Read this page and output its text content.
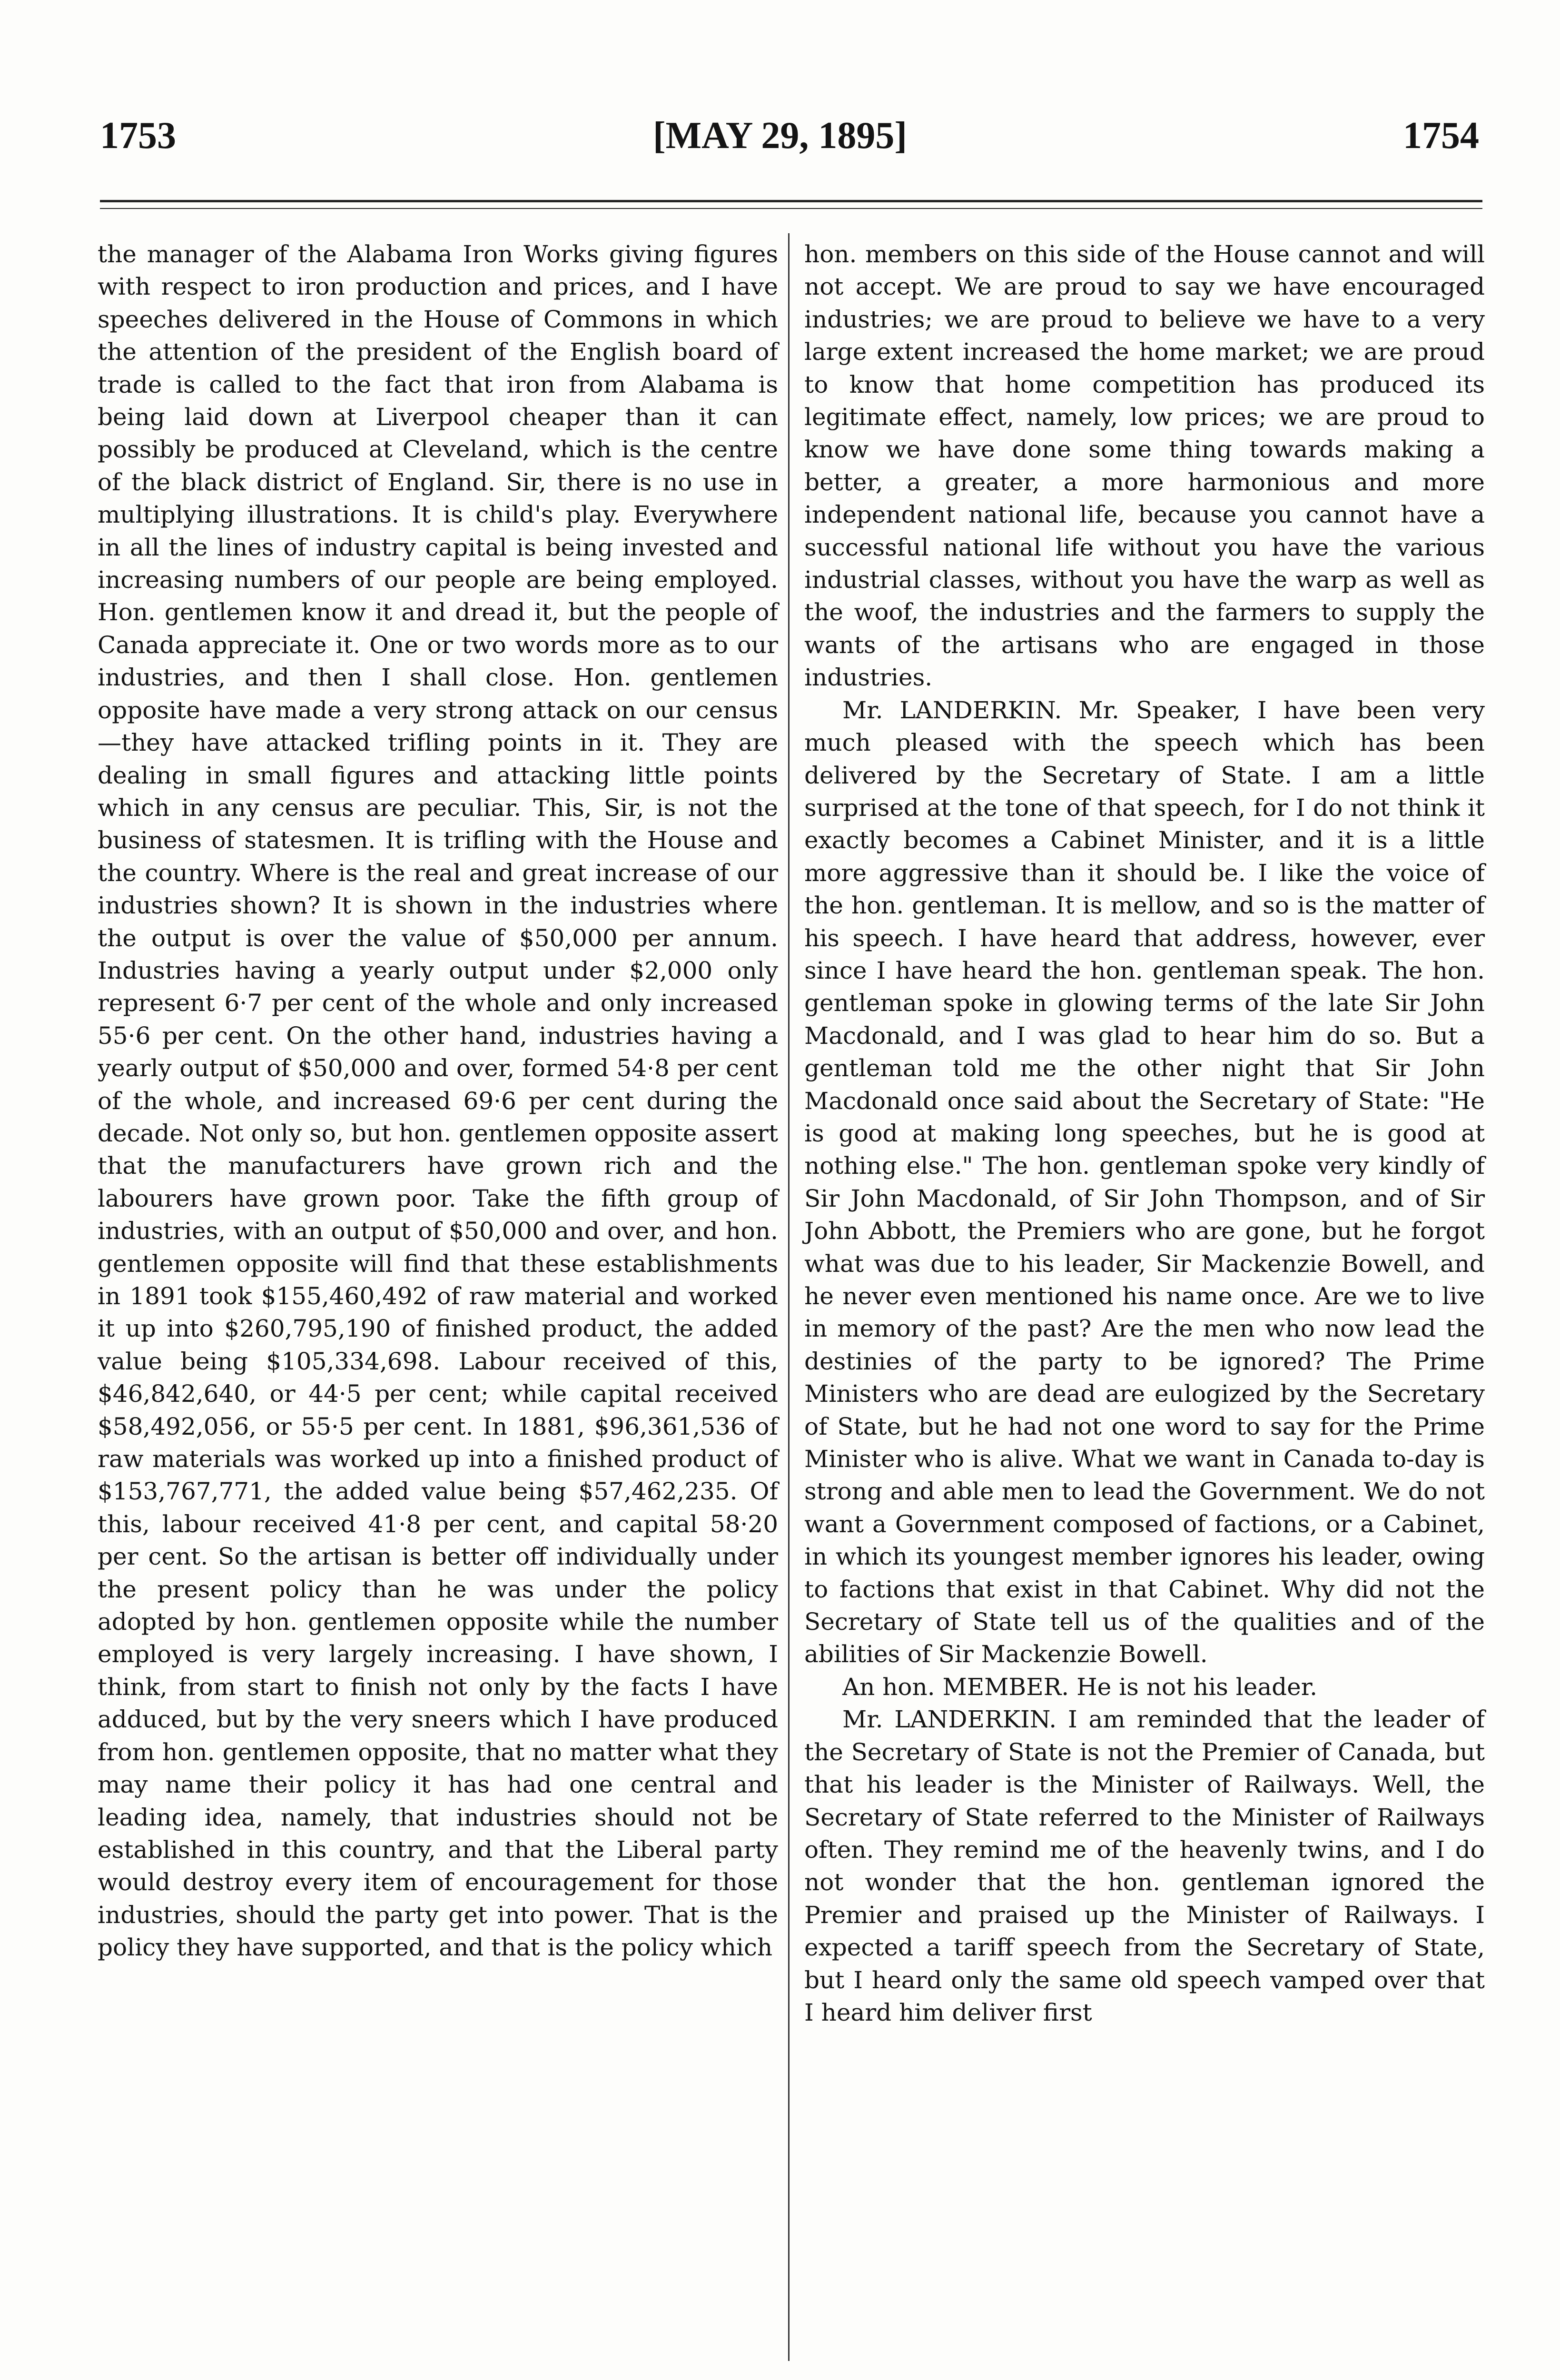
1753	[MAY 29, 1895]	1754

the manager of the Alabama Iron Works giving figures with respect to iron production and prices, and I have speeches delivered in the House of Commons in which the attention of the president of the English board of trade is called to the fact that iron from Alabama is being laid down at Liverpool cheaper than it can possibly be produced at Cleveland, which is the centre of the black district of England. Sir, there is no use in multiplying illustrations. It is child's play. Everywhere in all the lines of industry capital is being invested and increasing numbers of our people are being employed. Hon. gentlemen know it and dread it, but the people of Canada appreciate it. One or two words more as to our industries, and then I shall close. Hon. gentlemen opposite have made a very strong attack on our census—they have attacked trifling points in it. They are dealing in small figures and attacking little points which in any census are peculiar. This, Sir, is not the business of statesmen. It is trifling with the House and the country. Where is the real and great increase of our industries shown? It is shown in the industries where the output is over the value of $50,000 per annum. Industries having a yearly output under $2,000 only represent 6·7 per cent of the whole and only increased 55·6 per cent. On the other hand, industries having a yearly output of $50,000 and over, formed 54·8 per cent of the whole, and increased 69·6 per cent during the decade. Not only so, but hon. gentlemen opposite assert that the manufacturers have grown rich and the labourers have grown poor. Take the fifth group of industries, with an output of $50,000 and over, and hon. gentlemen opposite will find that these establishments in 1891 took $155,460,492 of raw material and worked it up into $260,795,190 of finished product, the added value being $105,334,698. Labour received of this, $46,842,640, or 44·5 per cent; while capital received $58,492,056, or 55·5 per cent. In 1881, $96,361,536 of raw materials was worked up into a finished product of $153,767,771, the added value being $57,462,235. Of this, labour received 41·8 per cent, and capital 58·20 per cent. So the artisan is better off individually under the present policy than he was under the policy adopted by hon. gentlemen opposite while the number employed is very largely increasing. I have shown, I think, from start to finish not only by the facts I have adduced, but by the very sneers which I have produced from hon. gentlemen opposite, that no matter what they may name their policy it has had one central and leading idea, namely, that industries should not be established in this country, and that the Liberal party would destroy every item of encouragement for those industries, should the party get into power. That is the policy they have supported, and that is the policy which

hon. members on this side of the House cannot and will not accept. We are proud to say we have encouraged industries; we are proud to believe we have to a very large extent increased the home market; we are proud to know that home competition has produced its legitimate effect, namely, low prices; we are proud to know we have done some thing towards making a better, a greater, a more harmonious and more independent national life, because you cannot have a successful national life without you have the various industrial classes, without you have the warp as well as the woof, the industries and the farmers to supply the wants of the artisans who are engaged in those industries.

Mr. LANDERKIN. Mr. Speaker, I have been very much pleased with the speech which has been delivered by the Secretary of State. I am a little surprised at the tone of that speech, for I do not think it exactly becomes a Cabinet Minister, and it is a little more aggressive than it should be. I like the voice of the hon. gentleman. It is mellow, and so is the matter of his speech. I have heard that address, however, ever since I have heard the hon. gentleman speak. The hon. gentleman spoke in glowing terms of the late Sir John Macdonald, and I was glad to hear him do so. But a gentleman told me the other night that Sir John Macdonald once said about the Secretary of State: "He is good at making long speeches, but he is good at nothing else." The hon. gentleman spoke very kindly of Sir John Macdonald, of Sir John Thompson, and of Sir John Abbott, the Premiers who are gone, but he forgot what was due to his leader, Sir Mackenzie Bowell, and he never even mentioned his name once. Are we to live in memory of the past? Are the men who now lead the destinies of the party to be ignored? The Prime Ministers who are dead are eulogized by the Secretary of State, but he had not one word to say for the Prime Minister who is alive. What we want in Canada to-day is strong and able men to lead the Government. We do not want a Government composed of factions, or a Cabinet, in which its youngest member ignores his leader, owing to factions that exist in that Cabinet. Why did not the Secretary of State tell us of the qualities and of the abilities of Sir Mackenzie Bowell.

An hon. MEMBER. He is not his leader.

Mr. LANDERKIN. I am reminded that the leader of the Secretary of State is not the Premier of Canada, but that his leader is the Minister of Railways. Well, the Secretary of State referred to the Minister of Railways often. They remind me of the heavenly twins, and I do not wonder that the hon. gentleman ignored the Premier and praised up the Minister of Railways. I expected a tariff speech from the Secretary of State, but I heard only the same old speech vamped over that I heard him deliver first
